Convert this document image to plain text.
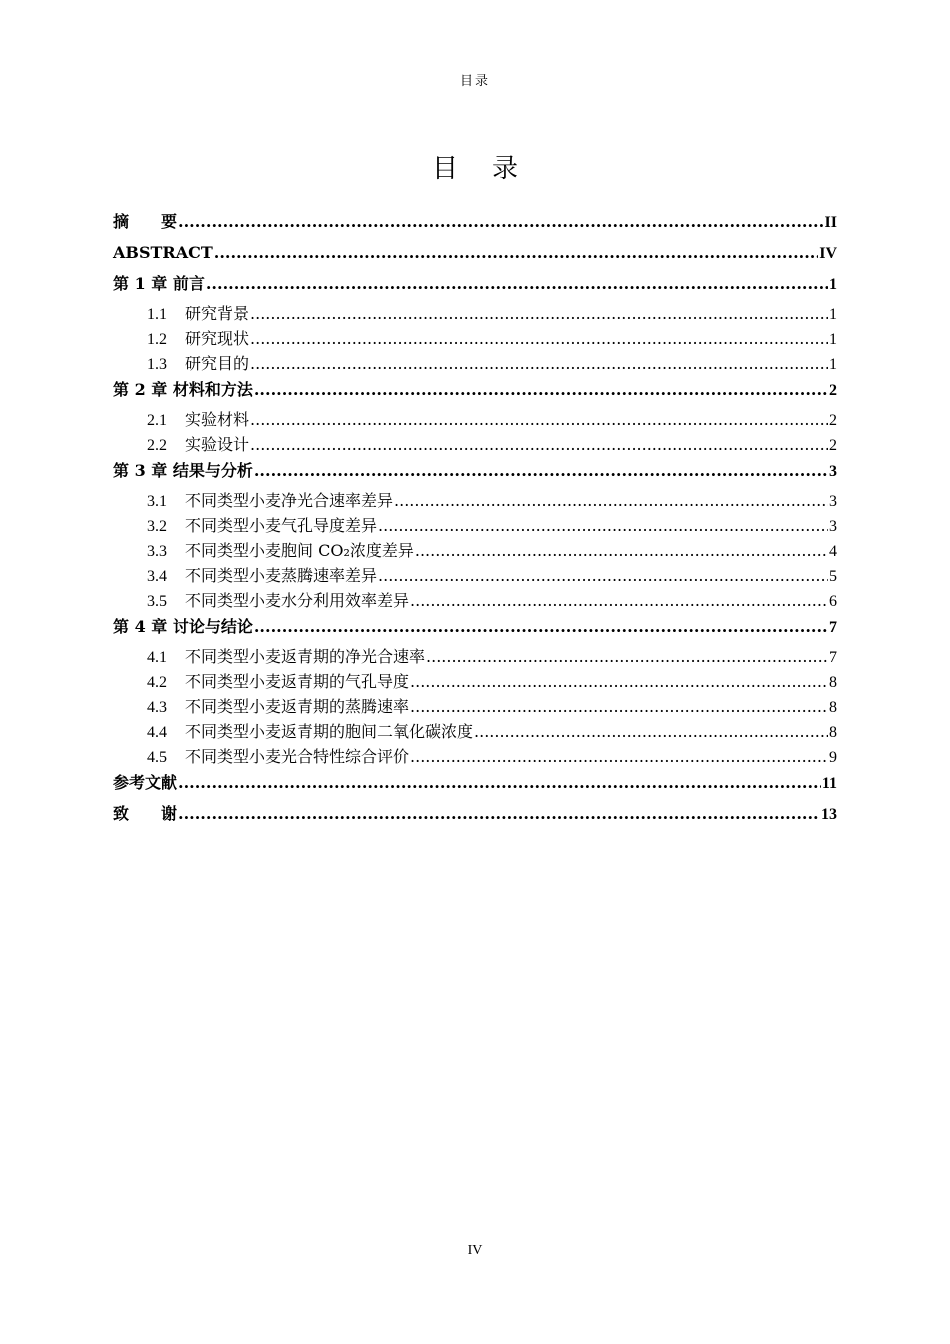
目录
目录
摘　　要 .....	II
ABSTRACT .....	IV
第 1 章 前言 .....	1
1.1	研究背景 .....	1
1.2	研究现状 .....	1
1.3	研究目的 .....	1
第 2 章 材料和方法 .....	2
2.1	实验材料 .....	2
2.2	实验设计 .....	2
第 3 章 结果与分析 .....	3
3.1	不同类型小麦净光合速率差异 .....	3
3.2	不同类型小麦气孔导度差异 .....	3
3.3	不同类型小麦胞间 CO₂浓度差异 .....	4
3.4	不同类型小麦蒸腾速率差异 .....	5
3.5	不同类型小麦水分利用效率差异 .....	6
第 4 章 讨论与结论 .....	7
4.1	不同类型小麦返青期的净光合速率 .....	7
4.2	不同类型小麦返青期的气孔导度 .....	8
4.3	不同类型小麦返青期的蒸腾速率 .....	8
4.4	不同类型小麦返青期的胞间二氧化碳浓度 .....	8
4.5	不同类型小麦光合特性综合评价 .....	9
参考文献 .....	11
致　　谢 .....	13
IV
